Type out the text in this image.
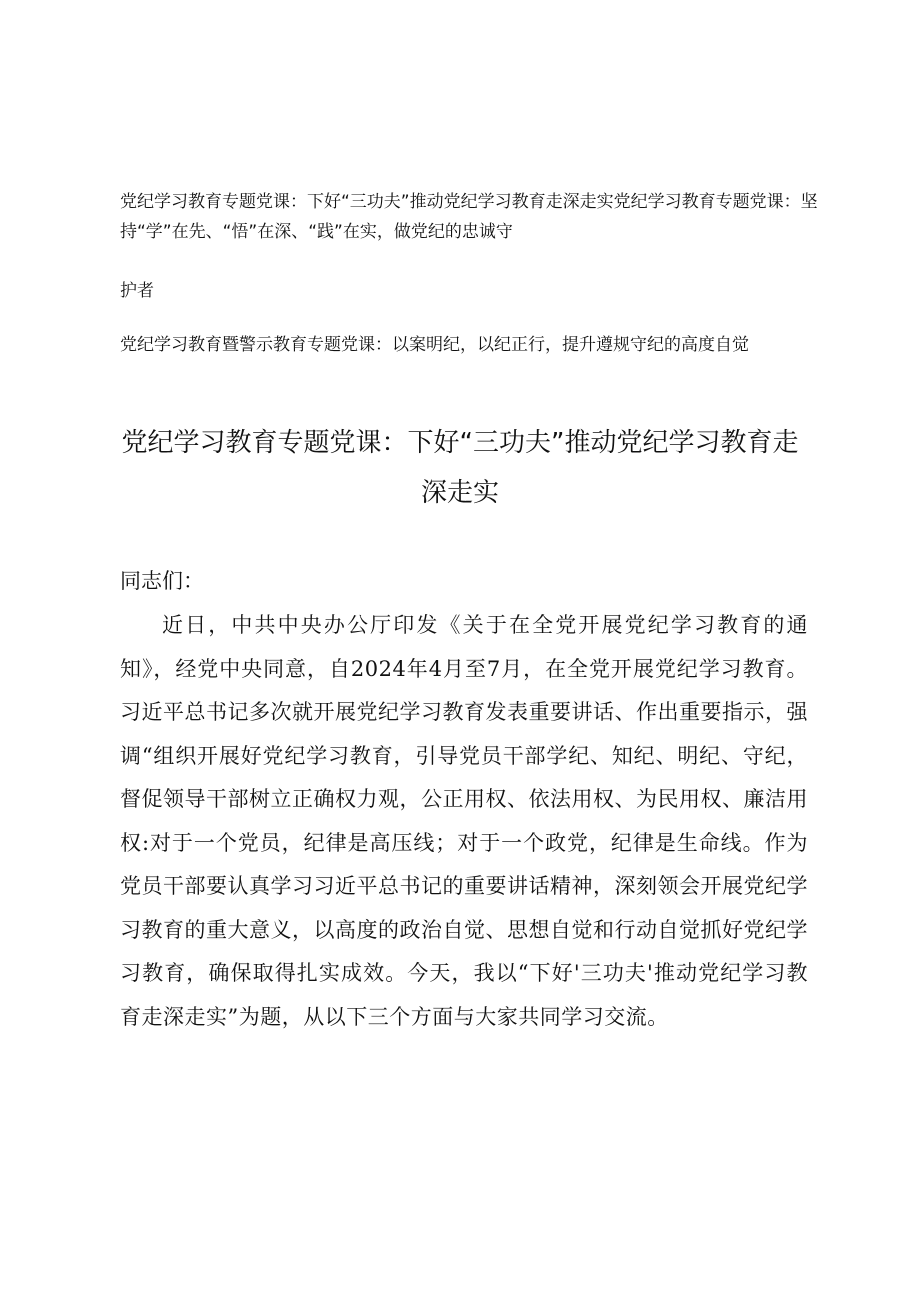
党纪学习教育专题党课：下好“三功夫”推动党纪学习教育走深走实党纪学习教育专题党课：坚持“学”在先、“悟”在深、“践”在实，做党纪的忠诚守

护者

党纪学习教育暨警示教育专题党课：以案明纪，以纪正行，提升遵规守纪的高度自觉

党纪学习教育专题党课：下好“三功夫”推动党纪学习教育走深走实

同志们：

近日，中共中央办公厅印发《关于在全党开展党纪学习教育的通知》，经党中央同意，自2024年4月至7月，在全党开展党纪学习教育。习近平总书记多次就开展党纪学习教育发表重要讲话、作出重要指示，强调“组织开展好党纪学习教育，引导党员干部学纪、知纪、明纪、守纪，督促领导干部树立正确权力观，公正用权、依法用权、为民用权、廉洁用权:对于一个党员，纪律是高压线；对于一个政党，纪律是生命线。作为党员干部要认真学习习近平总书记的重要讲话精神，深刻领会开展党纪学习教育的重大意义，以高度的政治自觉、思想自觉和行动自觉抓好党纪学习教育，确保取得扎实成效。今天，我以“下好'三功夫'推动党纪学习教育走深走实”为题，从以下三个方面与大家共同学习交流。
